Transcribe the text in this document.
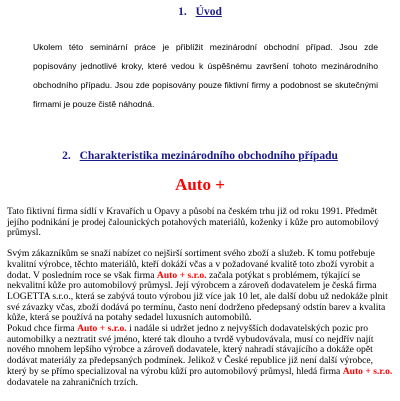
1. Úvod
Ukolem této seminární práce je přiblížit mezinárodní obchodní případ. Jsou zde popisovány jednotlivé kroky, které vedou k úspěšnému završení tohoto mezinárodního obchodního případu. Jsou zde popisovány pouze fiktivní firmy a podobnost se skutečnými firmami je pouze čistě náhodná.
2. Charakteristika mezinárodního obchodního případu
Auto +

Tato fiktivní firma sídlí v Kravařích u Opavy a působí na českém trhu již od roku 1991. Předmět jejího podnikání je prodej čalounických potahových materiálů, koženky i kůže pro automobilový průmysl.

Svým zákazníkům se snaží nabízet co nejširší sortiment svého zboží a služeb. K tomu potřebuje kvalitní výrobce, těchto materiálů, kteří dokáží včas a v požadované kvalitě toto zboží vyrobit a dodat. V posledním roce se však firma Auto + s.r.o. začala potýkat s problémem, týkající se nekvalitní kůže pro automobilový průmysl. Její výrobcem a zároveň dodavatelem je česká firma LOGETTA s.r.o., která se zabývá touto výrobou již více jak 10 let, ale další dobu už nedokáže plnit své závazky včas, zboží dodává po termínu, často není dodrženo předepsaný odstín barev a kvalita kůže, která se používá na potahy sedadel luxusních automobilů.
Pokud chce firma Auto + s.r.o. i nadále si udržet jedno z nejvyšších dodavatelských pozic pro automobilky a neztratit své jméno, které tak dlouho a tvrdě vybudovávala, musí co nejdřív najít nového mnohem lepšího výrobce a zároveň dodavatele, který nahradí stávajícího a dokáže opět dodávat materiály za předepsaných podmínek. Jelikož v České republice již není další výrobce, který by se přímo specializoval na výrobu kůží pro automobilový průmysl, hledá firma Auto + s.r.o. dodavatele na zahraničních trzích.
